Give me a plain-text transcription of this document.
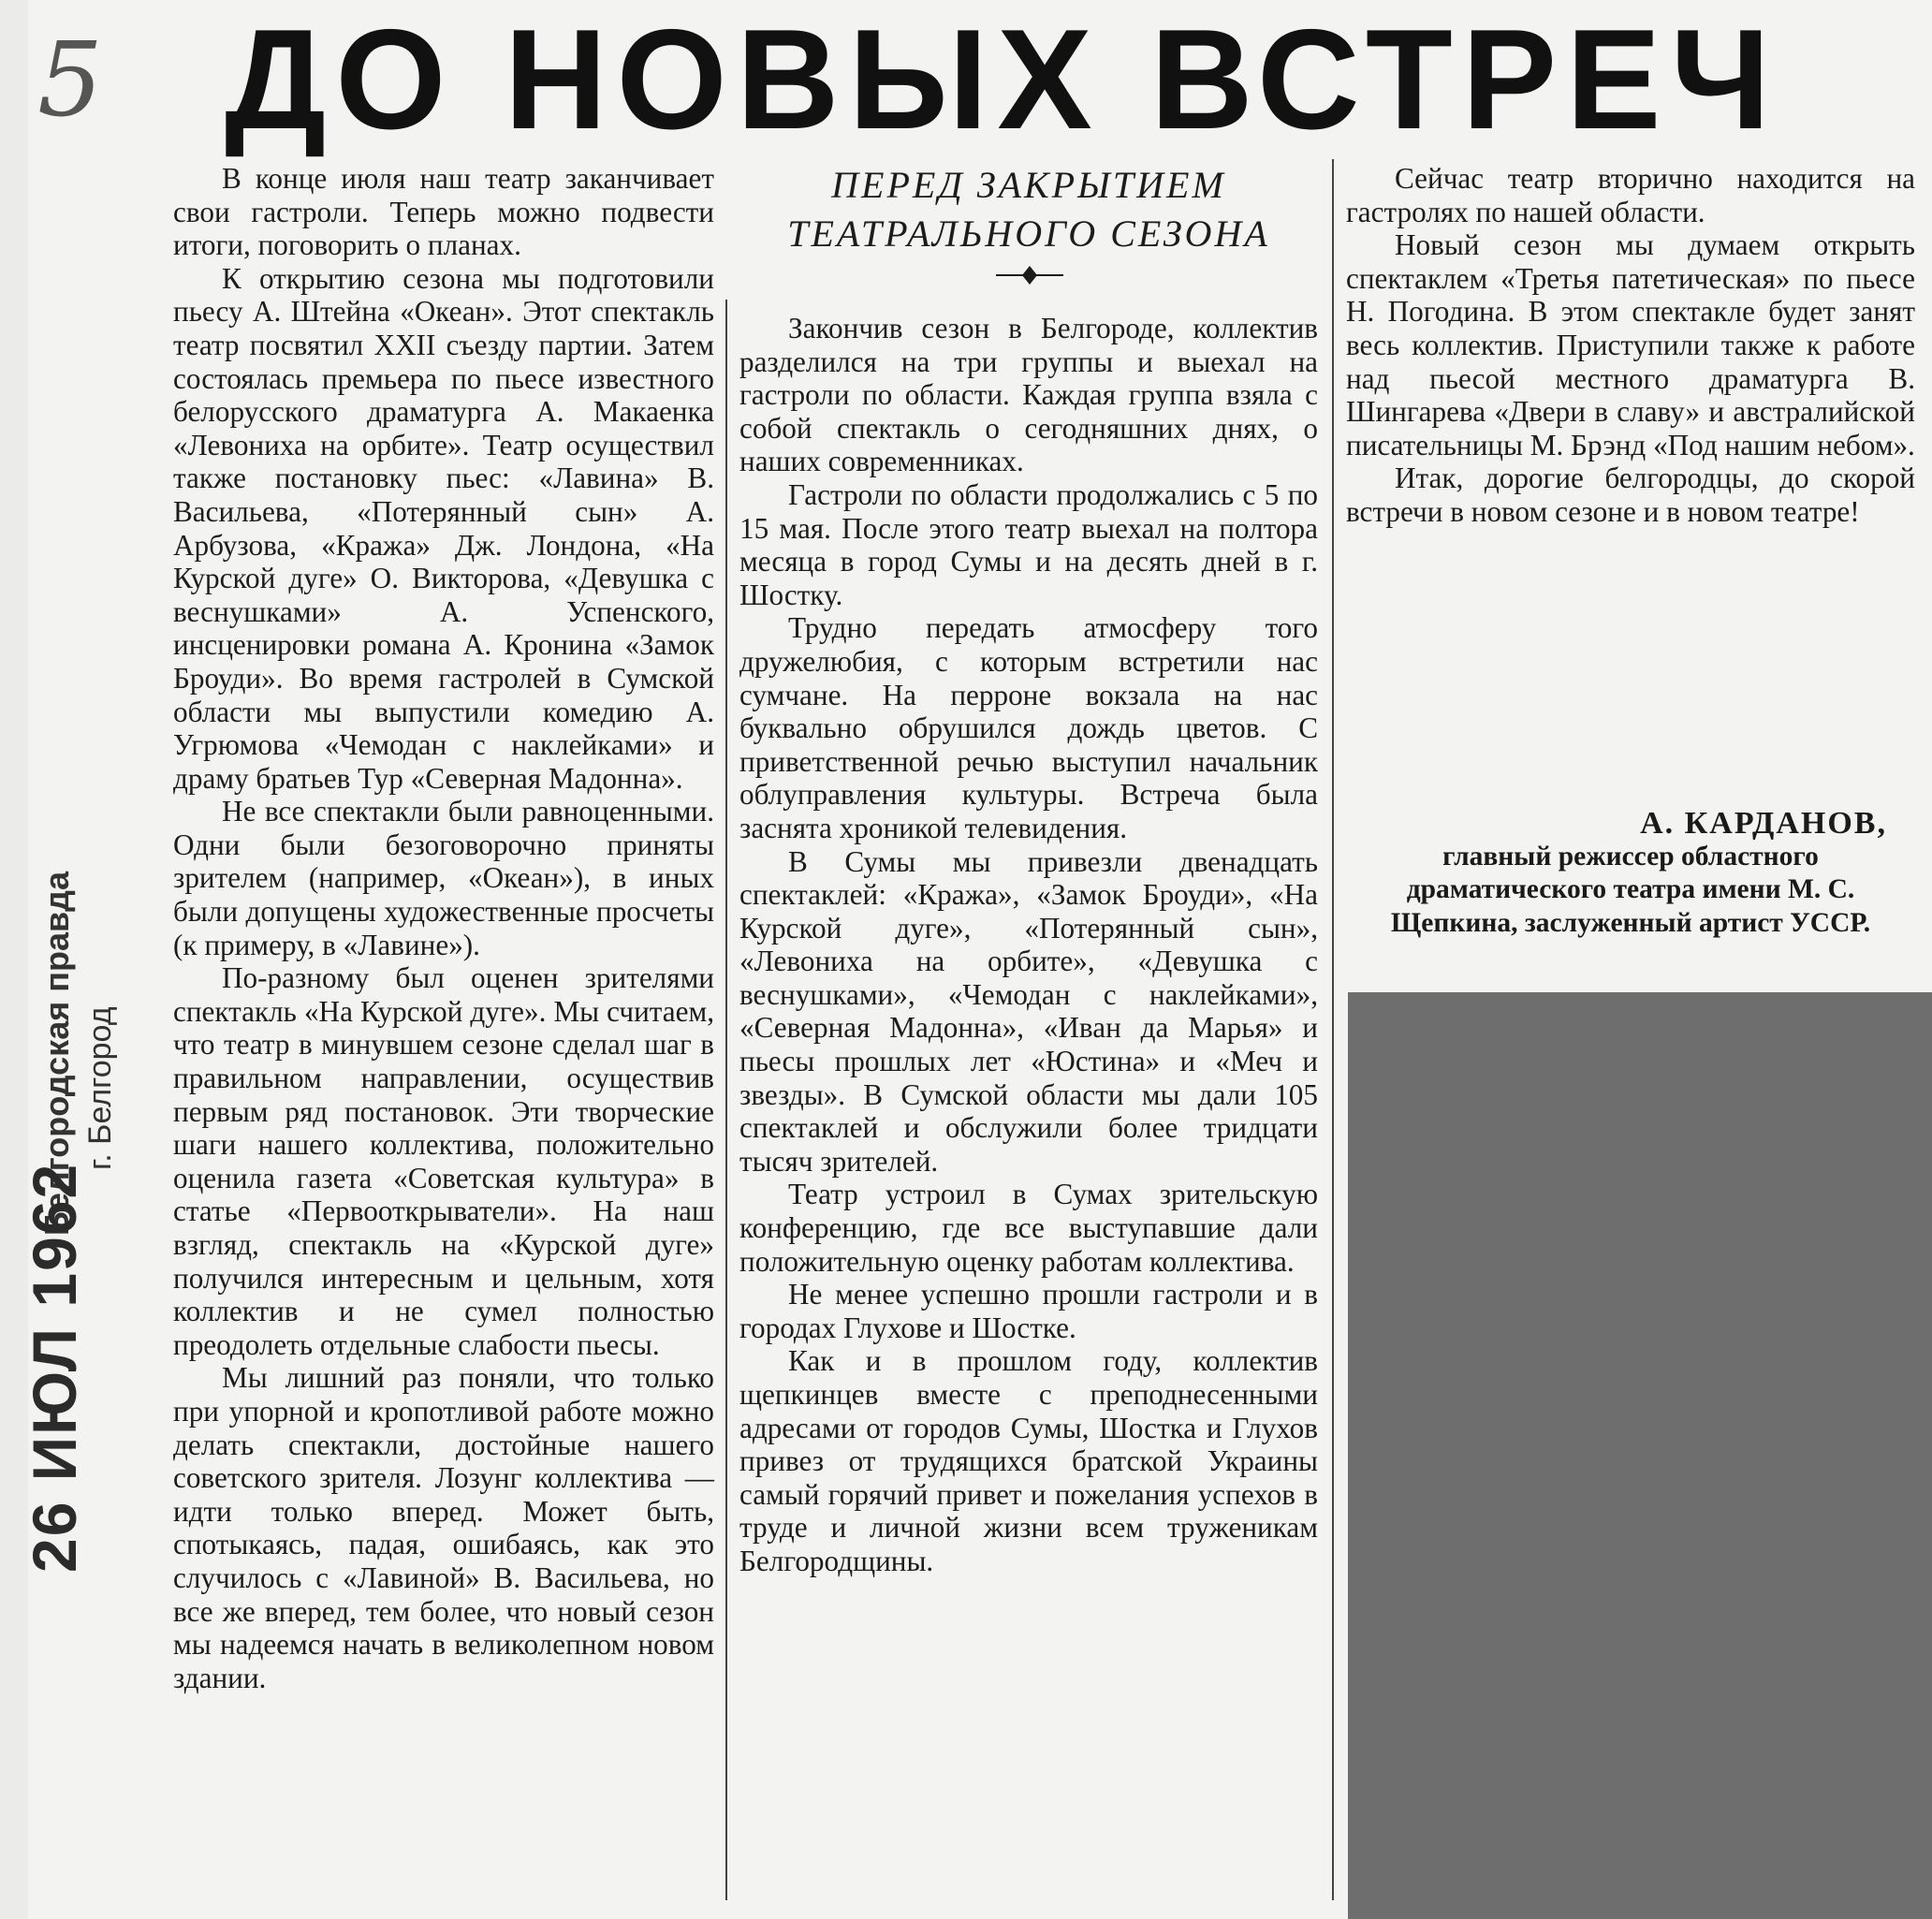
5 ДО НОВЫХ ВСТРЕЧ
Белгородская правда г. Белгород
26 ИЮЛ 1962
ПЕРЕД ЗАКРЫТИЕМ
ТЕАТРАЛЬНОГО СЕЗОНА

В конце июля наш театр заканчивает свои гастроли. Теперь можно подвести итоги, поговорить о планах.

К открытию сезона мы подготовили пьесу А. Штейна «Океан». Этот спектакль театр посвятил XXII съезду партии. Затем состоялась премьера по пьесе известного белорусского драматурга А. Макаенка «Левониха на орбите». Театр осуществил также постановку пьес: «Лавина» В. Васильева, «Потерянный сын» А. Арбузова, «Кража» Дж. Лондона, «На Курской дуге» О. Викторова, «Девушка с веснушками» А. Успенского, инсценировки романа А. Кронина «Замок Броуди». Во время гастролей в Сумской области мы выпустили комедию А. Угрюмова «Чемодан с наклейками» и драму братьев Тур «Северная Мадонна».

Не все спектакли были равноценными. Одни были безоговорочно приняты зрителем (например, «Океан»), в иных были допущены художественные просчеты (к примеру, в «Лавине»).

По-разному был оценен зрителями спектакль «На Курской дуге». Мы считаем, что театр в минувшем сезоне сделал шаг в правильном направлении, осуществив первым ряд постановок. Эти творческие шаги нашего коллектива, положительно оценила газета «Советская культура» в статье «Первооткрыватели». На наш взгляд, спектакль на «Курской дуге» получился интересным и цельным, хотя коллектив и не сумел полностью преодолеть отдельные слабости пьесы.

Мы лишний раз поняли, что только при упорной и кропотливой работе можно делать спектакли, достойные нашего советского зрителя. Лозунг коллектива — идти только вперед. Может быть, спотыкаясь, падая, ошибаясь, как это случилось с «Лавиной» В. Васильева, но все же вперед, тем более, что новый сезон мы надеемся начать в великолепном новом здании.

Закончив сезон в Белгороде, коллектив разделился на три группы и выехал на гастроли по области. Каждая группа взяла с собой спектакль о сегодняшних днях, о наших современниках.

Гастроли по области продолжались с 5 по 15 мая. После этого театр выехал на полтора месяца в город Сумы и на десять дней в г. Шостку.

Трудно передать атмосферу того дружелюбия, с которым встретили нас сумчане. На перроне вокзала на нас буквально обрушился дождь цветов. С приветственной речью выступил начальник облуправления культуры. Встреча была заснята хроникой телевидения.

В Сумы мы привезли двенадцать спектаклей: «Кража», «Замок Броуди», «На Курской дуге», «Потерянный сын», «Левониха на орбите», «Девушка с веснушками», «Чемодан с наклейками», «Северная Мадонна», «Иван да Марья» и пьесы прошлых лет «Юстина» и «Меч и звезды». В Сумской области мы дали 105 спектаклей и обслужили более тридцати тысяч зрителей.

Театр устроил в Сумах зрительскую конференцию, где все выступавшие дали положительную оценку работам коллектива.

Не менее успешно прошли гастроли и в городах Глухове и Шостке.

Как и в прошлом году, коллектив щепкинцев вместе с преподнесенными адресами от городов Сумы, Шостка и Глухов привез от трудящихся братской Украины самый горячий привет и пожелания успехов в труде и личной жизни всем труженикам Белгородщины.

Сейчас театр вторично находится на гастролях по нашей области.

Новый сезон мы думаем открыть спектаклем «Третья патетическая» по пьесе Н. Погодина. В этом спектакле будет занят весь коллектив. Приступили также к работе над пьесой местного драматурга В. Шингарева «Двери в славу» и австралийской писательницы М. Брэнд «Под нашим небом».

Итак, дорогие белгородцы, до скорой встречи в новом сезоне и в новом театре!

А. КАРДАНОВ,
главный режиссер областного драматического театра имени М. С. Щепкина, заслуженный артист УССР.
